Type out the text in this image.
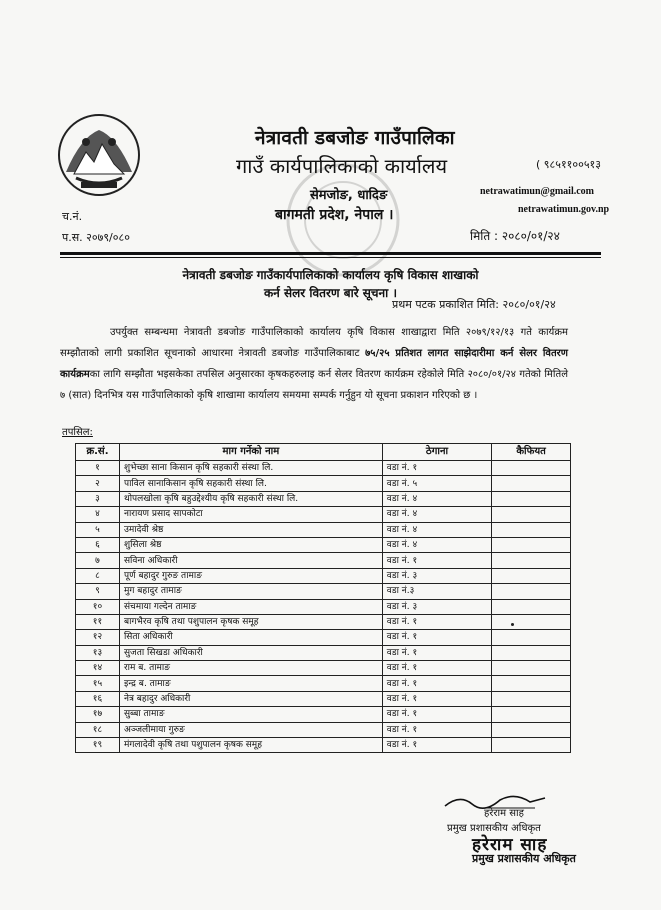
नेत्रावती डबजोङ गाउँपालिका
गाउँ कार्यपालिकाको कार्यालय
सेमजोङ, धादिङ
बागमती प्रदेश, नेपाल ।
( ९८५११००५१३
netrawatimun@gmail.com
netrawatimun.gov.np
च.नं.
प.स. २०७९/०८०	मिति : २०८०/०१/२४
नेत्रावती डबजोङ गाउँकार्यपालिकाको कार्यालय कृषि विकास शाखाको
कर्न सेलर वितरण बारे सूचना ।
प्रथम पटक प्रकाशित मिति: २०८०/०१/२४
उपर्युक्त सम्बन्धमा नेत्रावती डबजोङ गाउँपालिकाको कार्यालय कृषि विकास शाखाद्वारा मिति २०७९/१२/१३ गते कार्यक्रम सम्झौताको लागी प्रकाशित सूचनाको आधारमा नेत्रावती डबजोङ गाउँपालिकाबाट ७५/२५ प्रतिशत लागत साझेदारीमा कर्न सेलर वितरण कार्यक्रमका लागि सम्झौता भइसकेका तपसिल अनुसारका कृषकहरुलाइ कर्न सेलर वितरण कार्यक्रम रहेकोले मिति २०८०/०१/२४ गतेको मितिले ७ (सात) दिनभित्र यस गाउँपालिकाको कृषि शाखामा कार्यालय समयमा सम्पर्क गर्नुहुन यो सूचना प्रकाशन गरिएको छ ।
तपसिल:
क्र.सं.	माग गर्नेको नाम	ठेगाना	कैफियत
१	शुभेच्छा साना किसान कृषि सहकारी संस्था लि.	वडा नं. १	
२	पाविल सानाकिसान कृषि सहकारी संस्था लि.	वडा नं. ५	
३	थोपलखोला कृषि बहुउद्देश्यीय कृषि सहकारी संस्था लि.	वडा नं. ४	
४	नारायण प्रसाद सापकोटा	वडा नं. ४	
५	उमादेवी श्रेष्ठ	वडा नं. ४	
६	शुसिला श्रेष्ठ	वडा नं. ४	
७	सविना अधिकारी	वडा नं. १	
८	पूर्ण बहादुर गुरुङ तामाङ	वडा नं. ३	
९	मुग बहादुर तामाङ	वडा नं.३	
१०	संचमाया गल्देन तामाङ	वडा नं. ३	
११	बागभैरव कृषि तथा पशुपालन कृषक समूह	वडा नं. १	
१२	सिता अधिकारी	वडा नं. १	
१३	सुजता सिखडा अधिकारी	वडा नं. १	
१४	राम ब. तामाङ	वडा नं. १	
१५	इन्द्र ब. तामाङ	वडा नं. १	
१६	नेत्र बहादुर अधिकारी	वडा नं. १	
१७	सुब्बा तामाङ	वडा नं. १	
१८	अञ्जलीमाया गुरुङ	वडा नं. १	
१९	मंगलादेवी कृषि तथा पशुपालन कृषक समूह	वडा नं. १	
हरेराम साह
प्रमुख प्रशासकीय अधिकृत
हरेराम साह
प्रमुख प्रशासकीय अधिकृत
